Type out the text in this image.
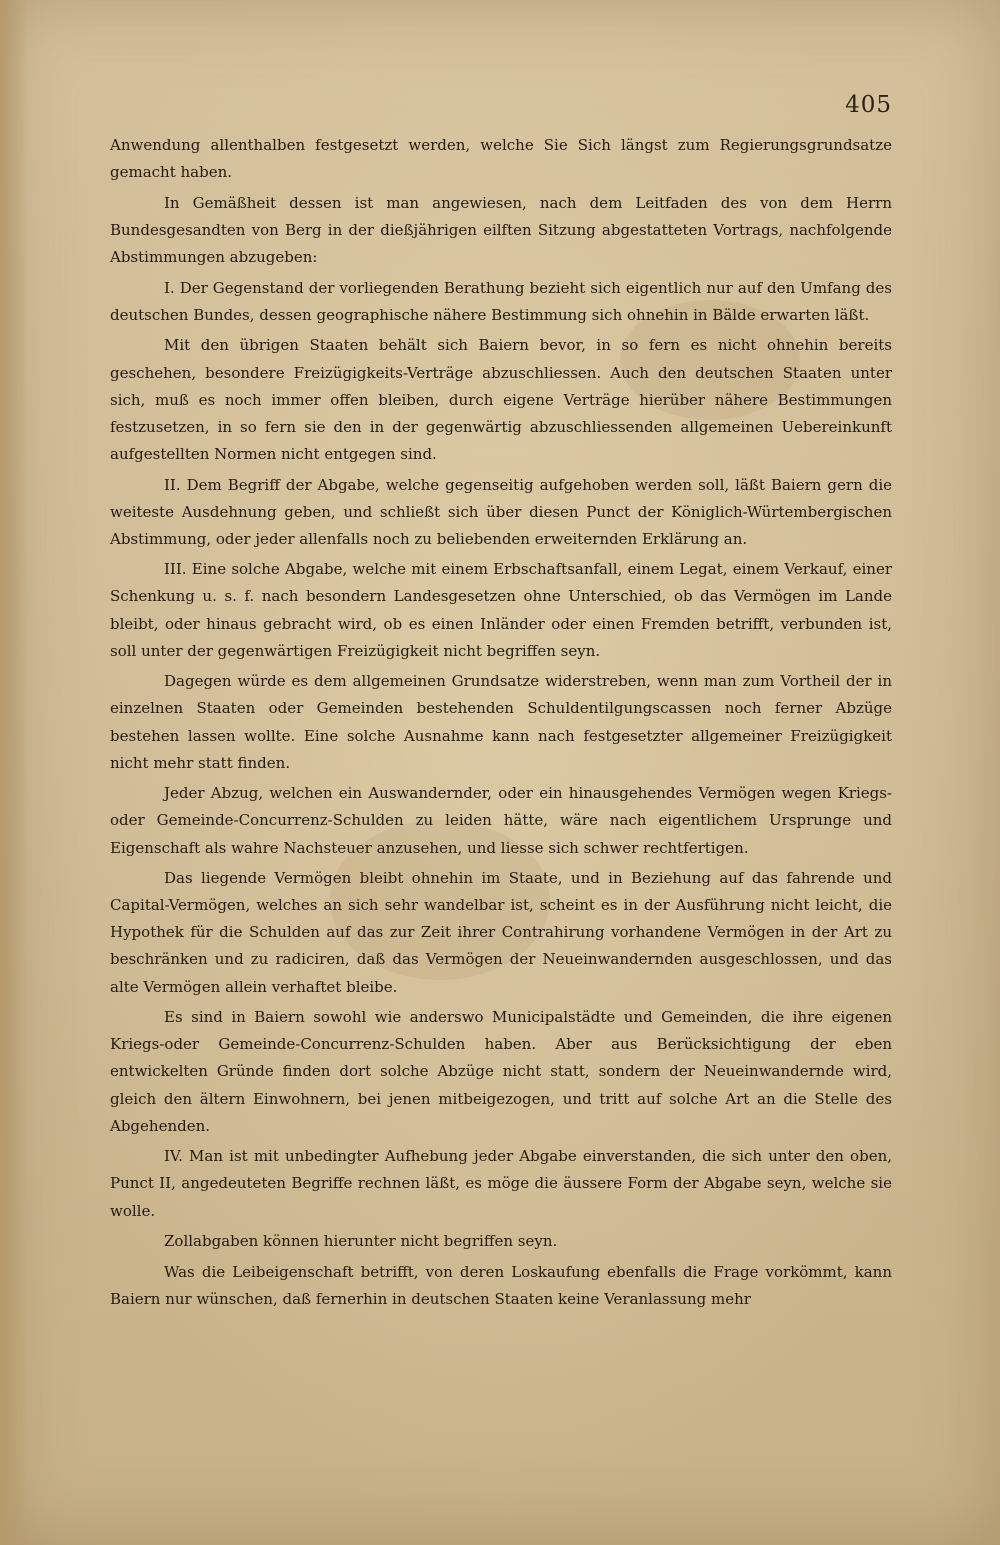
405

Anwendung allenthalben festgesetzt werden, welche Sie Sich längst zum Regierungsgrundsatze gemacht haben.

In Gemäßheit dessen ist man angewiesen, nach dem Leitfaden des von dem Herrn Bundesgesandten von Berg in der dießjährigen eilften Sitzung abgestatteten Vortrags, nachfolgende Abstimmungen abzugeben:

I. Der Gegenstand der vorliegenden Berathung bezieht sich eigentlich nur auf den Umfang des deutschen Bundes, dessen geographische nähere Bestimmung sich ohnehin in Bälde erwarten läßt.

Mit den übrigen Staaten behält sich Baiern bevor, in so fern es nicht ohnehin bereits geschehen, besondere Freizügigkeits-Verträge abzuschliessen. Auch den deutschen Staaten unter sich, muß es noch immer offen bleiben, durch eigene Verträge hierüber nähere Bestimmungen festzusetzen, in so fern sie den in der gegenwärtig abzuschliessenden allgemeinen Uebereinkunft aufgestellten Normen nicht entgegen sind.

II. Dem Begriff der Abgabe, welche gegenseitig aufgehoben werden soll, läßt Baiern gern die weiteste Ausdehnung geben, und schließt sich über diesen Punct der Königlich-Würtembergischen Abstimmung, oder jeder allenfalls noch zu beliebenden erweiternden Erklärung an.

III. Eine solche Abgabe, welche mit einem Erbschaftsanfall, einem Legat, einem Verkauf, einer Schenkung u. s. f. nach besondern Landesgesetzen ohne Unterschied, ob das Vermögen im Lande bleibt, oder hinaus gebracht wird, ob es einen Inländer oder einen Fremden betrifft, verbunden ist, soll unter der gegenwärtigen Freizügigkeit nicht begriffen seyn.

Dagegen würde es dem allgemeinen Grundsatze widerstreben, wenn man zum Vortheil der in einzelnen Staaten oder Gemeinden bestehenden Schuldentilgungscassen noch ferner Abzüge bestehen lassen wollte. Eine solche Ausnahme kann nach festgesetzter allgemeiner Freizügigkeit nicht mehr statt finden.

Jeder Abzug, welchen ein Auswandernder, oder ein hinausgehendes Vermögen wegen Kriegs- oder Gemeinde-Concurrenz-Schulden zu leiden hätte, wäre nach eigentlichem Ursprunge und Eigenschaft als wahre Nachsteuer anzusehen, und liesse sich schwer rechtfertigen.

Das liegende Vermögen bleibt ohnehin im Staate, und in Beziehung auf das fahrende und Capital-Vermögen, welches an sich sehr wandelbar ist, scheint es in der Ausführung nicht leicht, die Hypothek für die Schulden auf das zur Zeit ihrer Contrahirung vorhandene Vermögen in der Art zu beschränken und zu radiciren, daß das Vermögen der Neueinwandernden ausgeschlossen, und das alte Vermögen allein verhaftet bleibe.

Es sind in Baiern sowohl wie anderswo Municipalstädte und Gemeinden, die ihre eigenen Kriegs-oder Gemeinde-Concurrenz-Schulden haben. Aber aus Berücksichtigung der eben entwickelten Gründe finden dort solche Abzüge nicht statt, sondern der Neueinwandernde wird, gleich den ältern Einwohnern, bei jenen mitbeigezogen, und tritt auf solche Art an die Stelle des Abgehenden.

IV. Man ist mit unbedingter Aufhebung jeder Abgabe einverstanden, die sich unter den oben, Punct II, angedeuteten Begriffe rechnen läßt, es möge die äussere Form der Abgabe seyn, welche sie wolle.

Zollabgaben können hierunter nicht begriffen seyn.

Was die Leibeigenschaft betrifft, von deren Loskaufung ebenfalls die Frage vorkömmt, kann Baiern nur wünschen, daß fernerhin in deutschen Staaten keine Veranlassung mehr
